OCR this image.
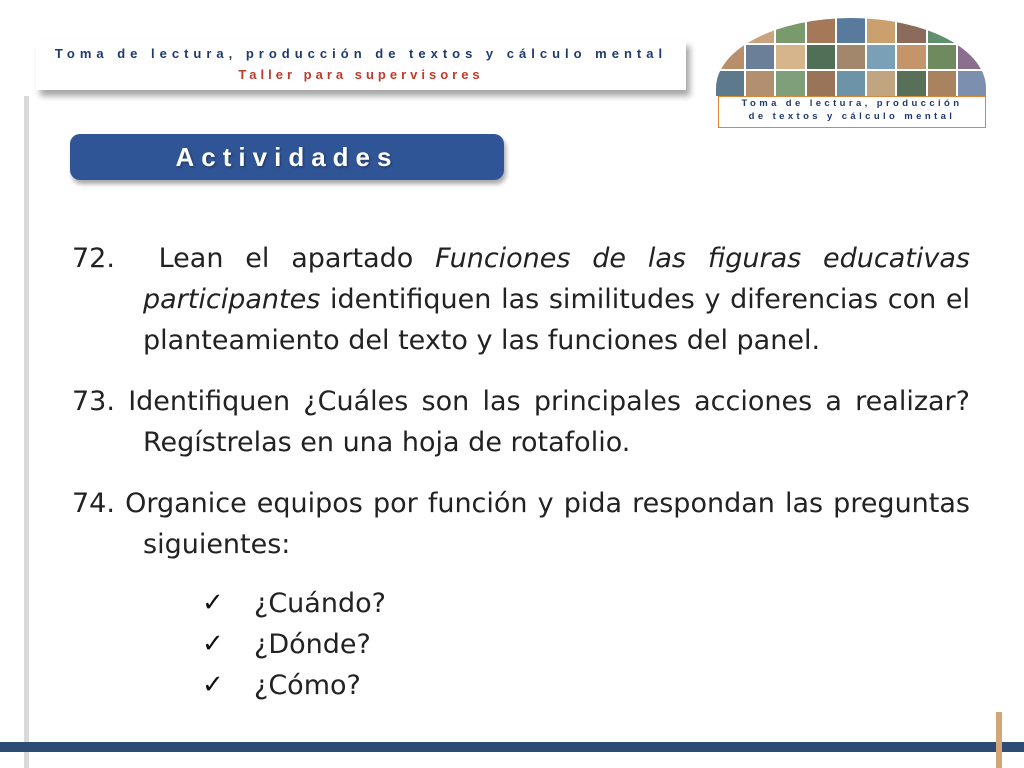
Toma de lectura, producción de textos y cálculo mental
Taller para supervisores
Toma de lectura, producción
de textos y cálculo mental
Actividades

72. Lean el apartado Funciones de las figuras educativas participantes identifiquen las similitudes y diferencias con el planteamiento del texto y las funciones del panel.

73. Identifiquen ¿Cuáles son las principales acciones a realizar? Regístrelas en una hoja de rotafolio.

74. Organice equipos por función y pida respondan las preguntas siguientes:

✓	¿Cuándo?
✓	¿Dónde?
✓	¿Cómo?
